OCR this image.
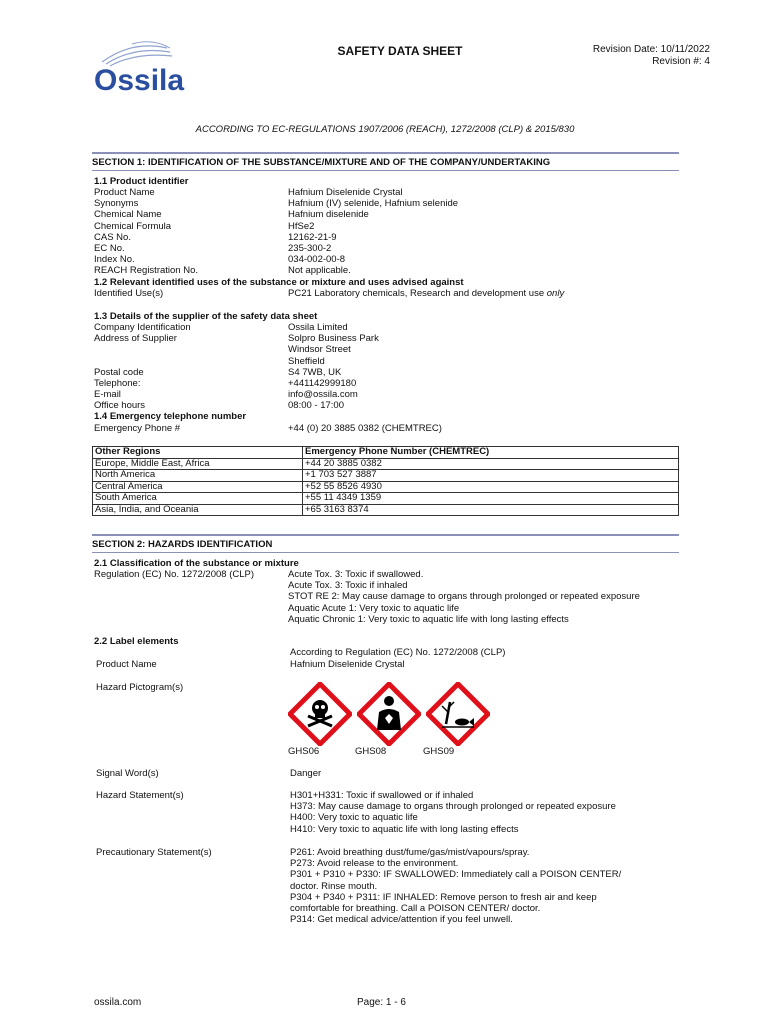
Ossila
SAFETY DATA SHEET	Revision Date: 10/11/2022
Revision #: 4
ACCORDING TO EC-REGULATIONS 1907/2006 (REACH), 1272/2008 (CLP) & 2015/830
SECTION 1: IDENTIFICATION OF THE SUBSTANCE/MIXTURE AND OF THE COMPANY/UNDERTAKING
1.1 Product identifier
Product Name	Hafnium Diselenide Crystal
Synonyms	Hafnium (IV) selenide, Hafnium selenide
Chemical Name	Hafnium diselenide
Chemical Formula	HfSe2
CAS No.	12162-21-9
EC No.	235-300-2
Index No.	034-002-00-8
REACH Registration No.	Not applicable.
1.2 Relevant identified uses of the substance or mixture and uses advised against
Identified Use(s)	PC21 Laboratory chemicals, Research and development use only
1.3 Details of the supplier of the safety data sheet
Company Identification	Ossila Limited
Address of Supplier	Solpro Business Park
Windsor Street
Sheffield
Postal code	S4 7WB, UK
Telephone:	+441142999180
E-mail	info@ossila.com
Office hours	08:00 - 17:00
1.4 Emergency telephone number
Emergency Phone #	+44 (0) 20 3885 0382 (CHEMTREC)
Other Regions	Emergency Phone Number (CHEMTREC)
Europe, Middle East, Africa	+44 20 3885 0382
North America	+1 703 527 3887
Central America	+52 55 8526 4930
South America	+55 11 4349 1359
Asia, India, and Oceania	+65 3163 8374
SECTION 2: HAZARDS IDENTIFICATION
2.1 Classification of the substance or mixture
Regulation (EC) No. 1272/2008 (CLP)	Acute Tox. 3: Toxic if swallowed.
Acute Tox. 3: Toxic if inhaled
STOT RE 2: May cause damage to organs through prolonged or repeated exposure
Aquatic Acute 1: Very toxic to aquatic life
Aquatic Chronic 1: Very toxic to aquatic life with long lasting effects
2.2 Label elements
According to Regulation (EC) No. 1272/2008 (CLP)
Product Name	Hafnium Diselenide Crystal
Hazard Pictogram(s)
GHS06	GHS08	GHS09
Signal Word(s)	Danger
Hazard Statement(s)	H301+H331: Toxic if swallowed or if inhaled
H373: May cause damage to organs through prolonged or repeated exposure
H400: Very toxic to aquatic life
H410: Very toxic to aquatic life with long lasting effects
Precautionary Statement(s)	P261: Avoid breathing dust/fume/gas/mist/vapours/spray.
P273: Avoid release to the environment.
P301 + P310 + P330: IF SWALLOWED: Immediately call a POISON CENTER/
doctor. Rinse mouth.
P304 + P340 + P311: IF INHALED: Remove person to fresh air and keep
comfortable for breathing. Call a POISON CENTER/ doctor.
P314: Get medical advice/attention if you feel unwell.
ossila.com	Page: 1 - 6
